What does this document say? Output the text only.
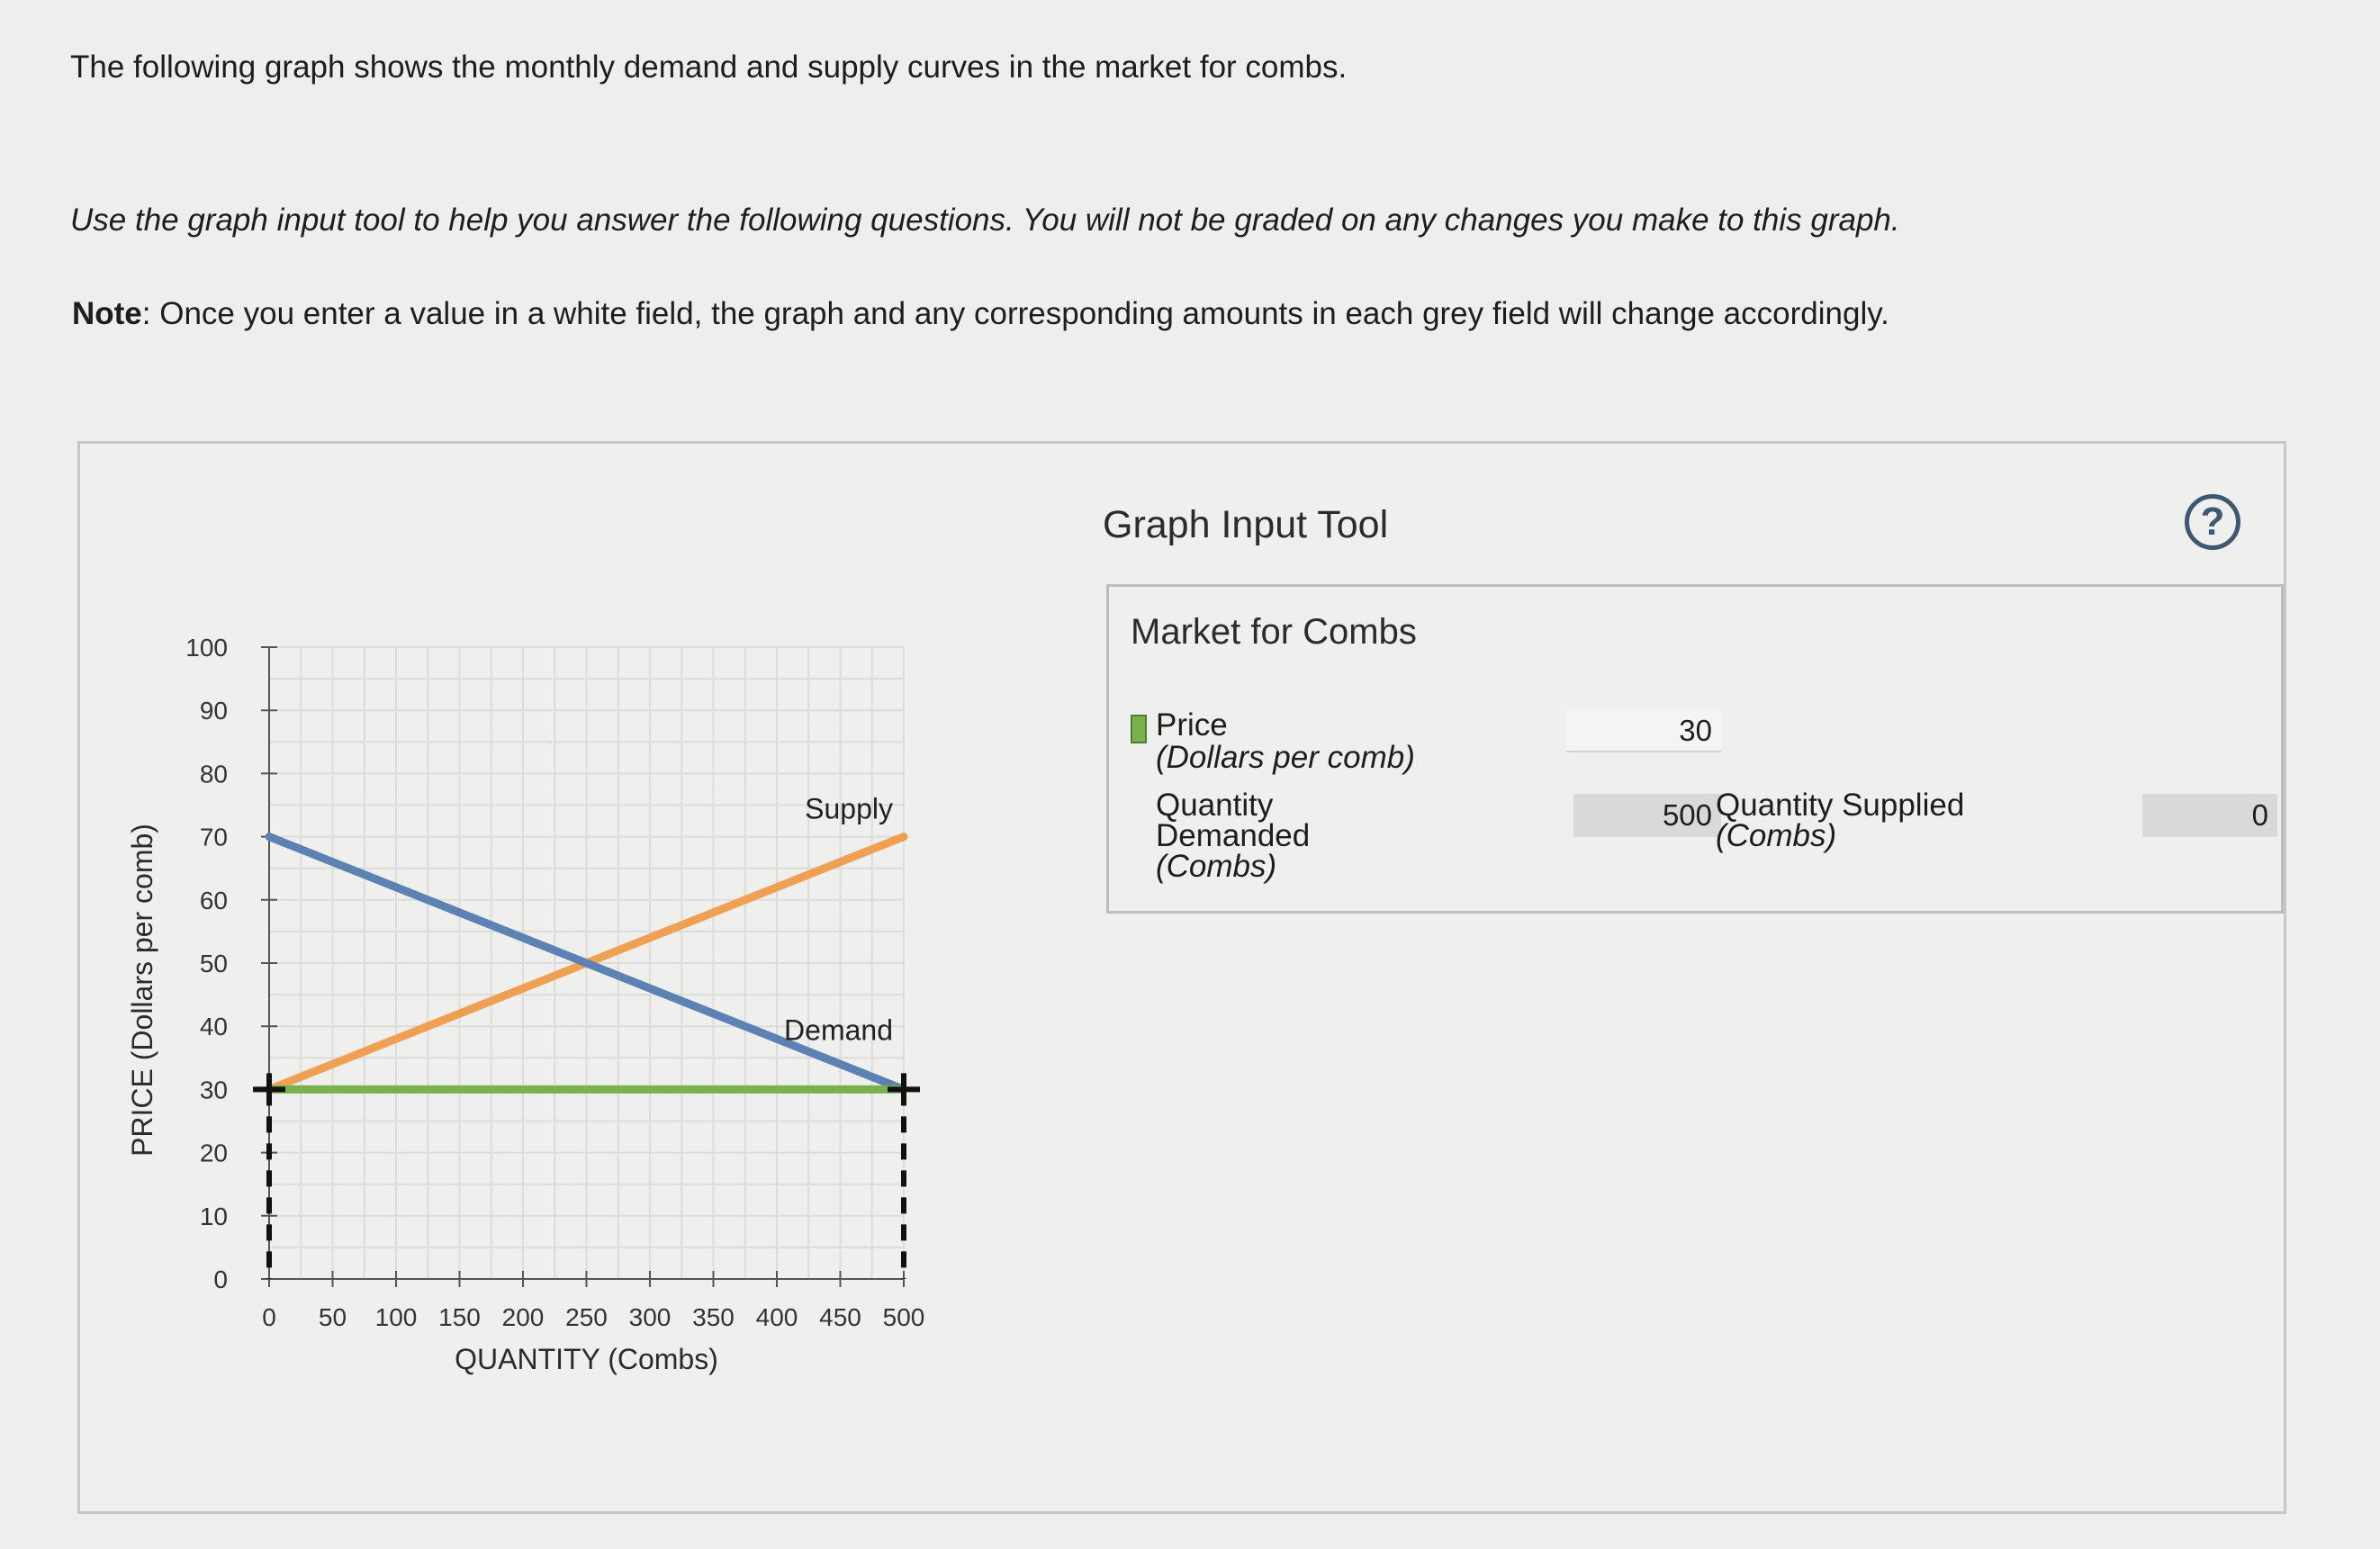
The following graph shows the monthly demand and supply curves in the market for combs.
Use the graph input tool to help you answer the following questions. You will not be graded on any changes you make to this graph.
Note: Once you enter a value in a white field, the graph and any corresponding amounts in each grey field will change accordingly.
0
10
20
30
40
50
60
70
80
90
100
0 50 100 150 200 250 300 350 400 450 500
QUANTITY (Combs)
PRICE (Dollars per comb)
Supply
Demand
Graph Input Tool	?
Market for Combs
Price
(Dollars per comb)
30
Quantity
Demanded
(Combs)
500 Quantity Supplied
(Combs)
0
